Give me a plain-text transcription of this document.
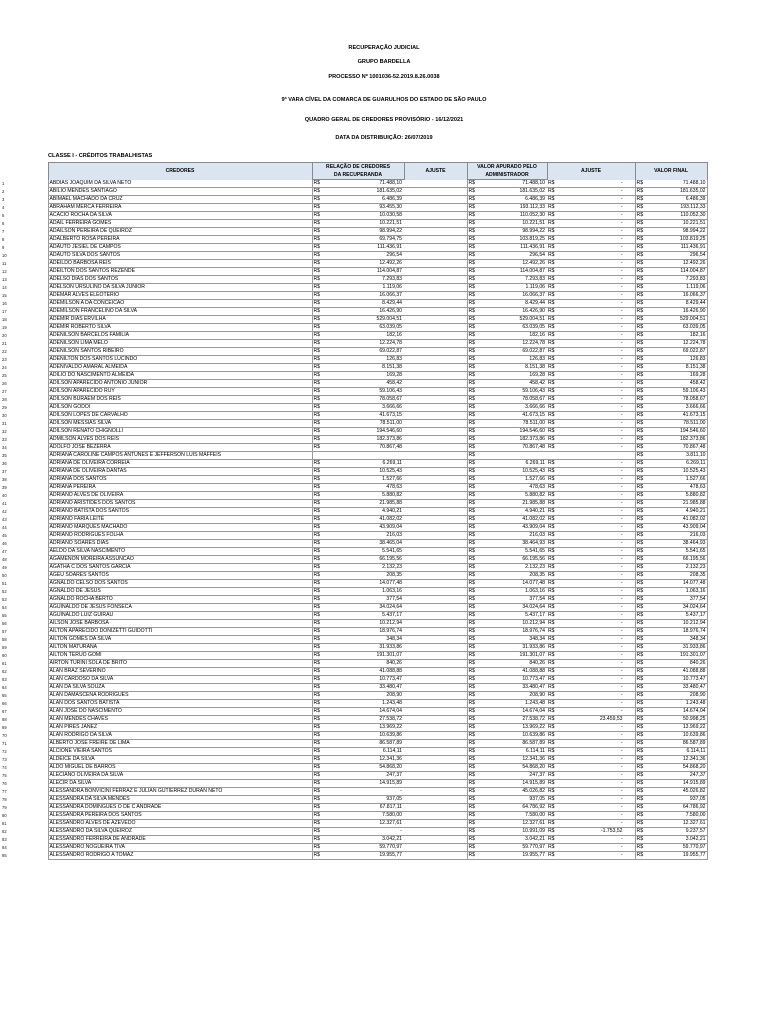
RECUPERAÇÃO JUDICIAL
GRUPO BARDELLA
PROCESSO Nº 1001036-52.2019.8.26.0038
9ª VARA CÍVEL DA COMARCA DE GUARULHOS DO ESTADO DE SÃO PAULO
QUADRO GERAL DE CREDORES PROVISÓRIO - 16/12/2021
DATA DA DISTRIBUIÇÃO: 26/07/2019
CLASSE I - CRÉDITOS TRABALHISTAS
	CREDORES	RELAÇÃO DE CREDORES		AJUSTE	VALOR APURADO PELO		AJUSTE		VALOR FINAL	
		DA RECUPERANDA			ADMINISTRADOR					
1	ABDIAS JOAQUIM DA SILVA NETO	R$	71.488,10		R$	71.488,10	R$	-	R$	71.488,10
2	ABILIO MENDES SANTIAGO	R$	181.635,02		R$	181.635,02	R$	-	R$	181.635,02
3	ABIMAEL MACHADO DA CRUZ	R$	6.486,39		R$	6.486,39	R$	-	R$	6.486,39
4	ABRAHAM MERCA FERREIRA	R$	93.455,30		R$	193.112,33	R$	-	R$	193.112,33
5	ACACIO ROCHA DA SILVA	R$	10.030,58		R$	110.052,30	R$	-	R$	110.052,30
6	ADAIL FERREIRA GOMES	R$	10.221,51		R$	10.221,51	R$	-	R$	10.221,51
7	ADAILSON PEREIRA DE QUEIROZ	R$	98.994,22		R$	98.994,22	R$	-	R$	98.994,22
8	ADALBERTO ROSA PEREIRA	R$	69.794,75		R$	103.819,25	R$	-	R$	103.819,25
9	ADAUTO JESIEL DE CAMPOS	R$	111.436,91		R$	111.436,91	R$	-	R$	111.436,91
10	ADAUTO SILVA DOS SANTOS	R$	296,54		R$	296,54	R$	-	R$	296,54
11	ADEILDO BARBOSA REIS	R$	12.492,26		R$	12.492,26	R$	-	R$	12.492,26
12	ADEILTON DOS SANTOS REZENDE	R$	114.004,87		R$	114.004,87	R$	-	R$	114.004,87
13	ADELSO DIAS DOS SANTOS	R$	7.293,83		R$	7.293,83	R$	-	R$	7.293,83
14	ADELSON URSULINO DA SILVA JUNIOR	R$	1.119,06		R$	1.119,06	R$	-	R$	1.119,06
15	ADEMAR ALVES ELEOTERIO	R$	16.066,37		R$	16.066,37	R$	-	R$	16.066,37
16	ADEMILSON A DA CONCEICAO	R$	8.429,44		R$	8.429,44	R$	-	R$	8.429,44
17	ADEMILSON FRANCELINO DA SILVA	R$	16.426,90		R$	16.426,90	R$	-	R$	16.426,90
18	ADEMIR DIAS ERVILHA	R$	529.004,51		R$	529.004,51	R$	-	R$	529.004,51
19	ADEMIR ROBERTO SILVA	R$	63.039,05		R$	63.039,05	R$	-	R$	63.039,05
20	ADENILSON BARCELOS FAMILIA	R$	182,16		R$	182,16	R$	-	R$	182,16
21	ADENILSON LIMA MELO	R$	12.224,78		R$	12.224,78	R$	-	R$	12.224,78
22	ADENILSON SANTOS RIBEIRO	R$	69.022,87		R$	69.022,87	R$	-	R$	69.022,87
23	ADENILTON DOS SANTOS LUCINDO	R$	126,83		R$	126,83	R$	-	R$	126,83
24	ADENIVALDO AMARAL ALMEIDA	R$	8.151,38		R$	8.151,38	R$	-	R$	8.151,38
25	ADILIO DO NASCIMENTO ALMEIDA	R$	169,28		R$	169,28	R$	-	R$	169,28
26	ADILSON APARECIDO ANTONIO JUNIOR	R$	458,42		R$	458,42	R$	-	R$	458,42
27	ADILSON APARECIDO RUY	R$	59.106,43		R$	59.106,43	R$	-	R$	59.106,43
28	ADILSON BURAEM DOS REIS	R$	78.058,67		R$	78.058,67	R$	-	R$	78.058,67
29	ADILSON GODOI	R$	3.666,66		R$	3.666,66	R$	-	R$	3.666,66
30	ADILSON LOPES DE CARVALHO	R$	41.673,15		R$	41.673,15	R$	-	R$	41.673,15
31	ADILSON MESSIAS SILVA	R$	78.511,00		R$	78.511,00	R$	-	R$	78.511,00
32	ADILSON RENATO CHIGNOLLI	R$	194.546,60		R$	194.546,60	R$	-	R$	194.546,60
33	ADMILSON ALVES DOS REIS	R$	182.373,86		R$	182.373,86	R$	-	R$	182.373,86
34	ADOLFO JOSE BEZERRA	R$	70.867,48		R$	70.867,48	R$	-	R$	70.867,48
35	ADRIANA CAROLINE CAMPOS ANTUNES E JEFFERSON LUIS MAFFEIS				R$				R$	3.811,10
36	ADRIANA DE OLIVEIRA CORREIA	R$	6.269,11		R$	6.269,11	R$	-	R$	6.269,11
37	ADRIANA DE OLIVEIRA DANTAS	R$	10.525,43		R$	10.525,43	R$	-	R$	10.525,43
38	ADRIANA DOS SANTOS	R$	1.527,66		R$	1.527,66	R$	-	R$	1.527,66
39	ADRIANA PEREIRA	R$	478,63		R$	478,63	R$	-	R$	478,63
40	ADRIANO ALVES DE OLIVEIRA	R$	5.880,82		R$	5.880,82	R$	-	R$	5.880,82
41	ADRIANO ARISTIDES DOS SANTOS	R$	21.985,88		R$	21.985,88	R$	-	R$	21.985,88
42	ADRIANO BATISTA DOS SANTOS	R$	4.940,21		R$	4.940,21	R$	-	R$	4.940,21
43	ADRIANO FARIA LEITE	R$	41.082,02		R$	41.082,02	R$	-	R$	41.082,02
44	ADRIANO MARQUES MACHADO	R$	43.909,04		R$	43.909,04	R$	-	R$	43.909,04
45	ADRIANO RODRIGUES FOLHA	R$	216,03		R$	216,03	R$	-	R$	216,03
46	ADRIANO SOARES DIAS	R$	38.465,04		R$	38.464,93	R$	-	R$	38.464,93
47	AELDO DA SILVA NASCIMENTO	R$	5.541,65		R$	5.541,65	R$	-	R$	5.541,65
48	AGAMENON MOREIRA ASSUNCAO	R$	66.195,56		R$	66.195,56	R$	-	R$	66.195,56
49	AGATHA C DOS SANTOS GARCIA	R$	2.132,23		R$	2.132,23	R$	-	R$	2.132,23
50	AGEU SOARES SANTOS	R$	208,35		R$	208,35	R$	-	R$	208,35
51	AGNALDO CELSO DOS SANTOS	R$	14.077,48		R$	14.077,48	R$	-	R$	14.077,48
52	AGNALDO DE JESUS	R$	1.063,16		R$	1.063,16	R$	-	R$	1.063,16
53	AGNALDO ROCHA BERTO	R$	377,54		R$	377,54	R$	-	R$	377,54
54	AGUINALDO DE JESUS FONSECA	R$	34.024,64		R$	34.024,64	R$	-	R$	34.024,64
55	AGUINALDO LUIZ GUIRAU	R$	5.437,17		R$	5.437,17	R$	-	R$	5.437,17
56	AILSON JOSE BARBOSA	R$	10.212,94		R$	10.212,94	R$	-	R$	10.212,94
57	AILTON APARECIDO DONIZETTI GUIDOTTI	R$	18.976,74		R$	18.976,74	R$	-	R$	18.976,74
58	AILTON GOMES DA SILVA	R$	348,34		R$	348,34	R$	-	R$	348,34
59	AILTON MATURANA	R$	31.933,86		R$	31.933,86	R$	-	R$	31.933,86
60	AILTON TERUO GOMI	R$	191.301,07		R$	191.301,07	R$	-	R$	191.301,07
61	AIRTON TURINI SOLA DE BRITO	R$	840,26		R$	840,26	R$	-	R$	840,26
62	ALAN BRAZ SEVERINO	R$	41.088,88		R$	41.088,88	R$	-	R$	41.088,88
63	ALAN CARDOSO DA SILVA	R$	10.773,47		R$	10.773,47	R$	-	R$	10.773,47
64	ALAN DA SILVA SOUZA	R$	33.480,47		R$	33.480,47	R$	-	R$	33.480,47
65	ALAN DAMASCENA RODRIGUES	R$	208,90		R$	208,90	R$	-	R$	208,90
66	ALAN DOS SANTOS BATISTA	R$	1.243,48		R$	1.243,48	R$	-	R$	1.243,48
67	ALAN JOSE DO NASCIMENTO	R$	14.674,04		R$	14.674,04	R$	-	R$	14.674,04
68	ALAN MENDES CHAVES	R$	27.538,72		R$	27.538,72	R$	23.459,53	R$	50.998,25
69	ALAN PIRES JANEZ	R$	13.969,22		R$	13.969,22	R$	-	R$	13.969,22
70	ALAN RODRIGO DA SILVA	R$	10.639,86		R$	10.639,86	R$	-	R$	10.639,86
71	ALBERTO JOSE FREIRE DE LIMA	R$	86.587,89		R$	86.587,89	R$	-	R$	86.587,89
72	ALCIONE VIEIRA SANTOS	R$	6.114,11		R$	6.114,11	R$	-	R$	6.114,11
73	ALDEICE DA SILVA	R$	12.341,36		R$	12.341,36	R$	-	R$	12.341,36
74	ALDO MIGUEL DE BARROS	R$	54.868,20		R$	54.868,20	R$	-	R$	54.868,20
75	ALECIANO OLIVEIRA DA SILVA	R$	247,37		R$	247,37	R$	-	R$	247,37
76	ALECIR DA SILVA	R$	14.915,89		R$	14.915,89	R$	-	R$	14.915,89
77	ALESSANDRA BONVICINI FERRAZ E JULIAN GUTIERREZ DURAN NETO	R$	-		R$	45.026,82	R$	-	R$	45.026,82
78	ALESSANDRA DA SILVA MENDES	R$	937,05		R$	937,05	R$	-	R$	937,05
79	ALESSANDRA DOMINGUES O DE C ANDRADE	R$	67.817,11		R$	64.786,92	R$	-	R$	64.786,92
80	ALESSANDRA PEREIRA DOS SANTOS	R$	7.580,00		R$	7.580,00	R$	-	R$	7.580,00
81	ALESSANDRO ALVES DE AZEVEDO	R$	12.327,61		R$	12.327,61	R$	-	R$	12.327,61
82	ALESSANDRO DA SILVA QUEIROZ	R$	-		R$	10.991,09	R$	-1.753,52	R$	9.237,57
83	ALESSANDRO FERREIRA DE ANDRADE	R$	3.042,21		R$	3.042,21	R$	-	R$	3.042,21
84	ALESSANDRO NOGUEIRA TIVA	R$	59.770,97		R$	59.770,97	R$	-	R$	59.770,97
85	ALESSANDRO RODRIGO A TOMAZ	R$	19.955,77		R$	19.955,77	R$	-	R$	19.955,77
